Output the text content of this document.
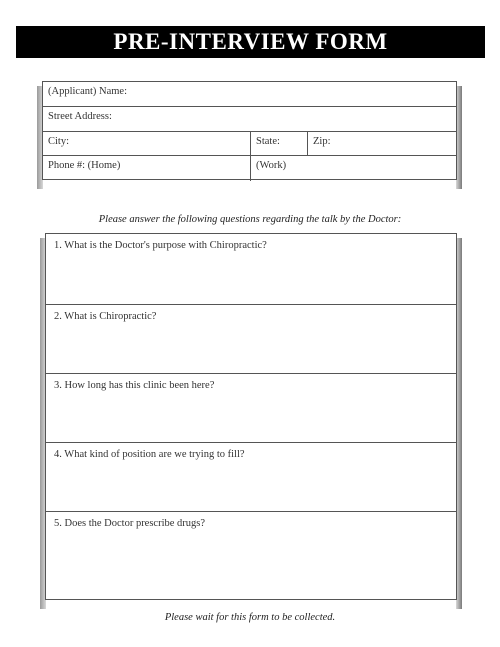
PRE-INTERVIEW FORM
(Applicant) Name:
Street Address:
City:	State:	Zip:
Phone #: (Home)	(Work)
Please answer the following questions regarding the talk by the Doctor:
1. What is the Doctor's purpose with Chiropractic?
2. What is Chiropractic?
3. How long has this clinic been here?
4. What kind of position are we trying to fill?
5. Does the Doctor prescribe drugs?
Please wait for this form to be collected.
